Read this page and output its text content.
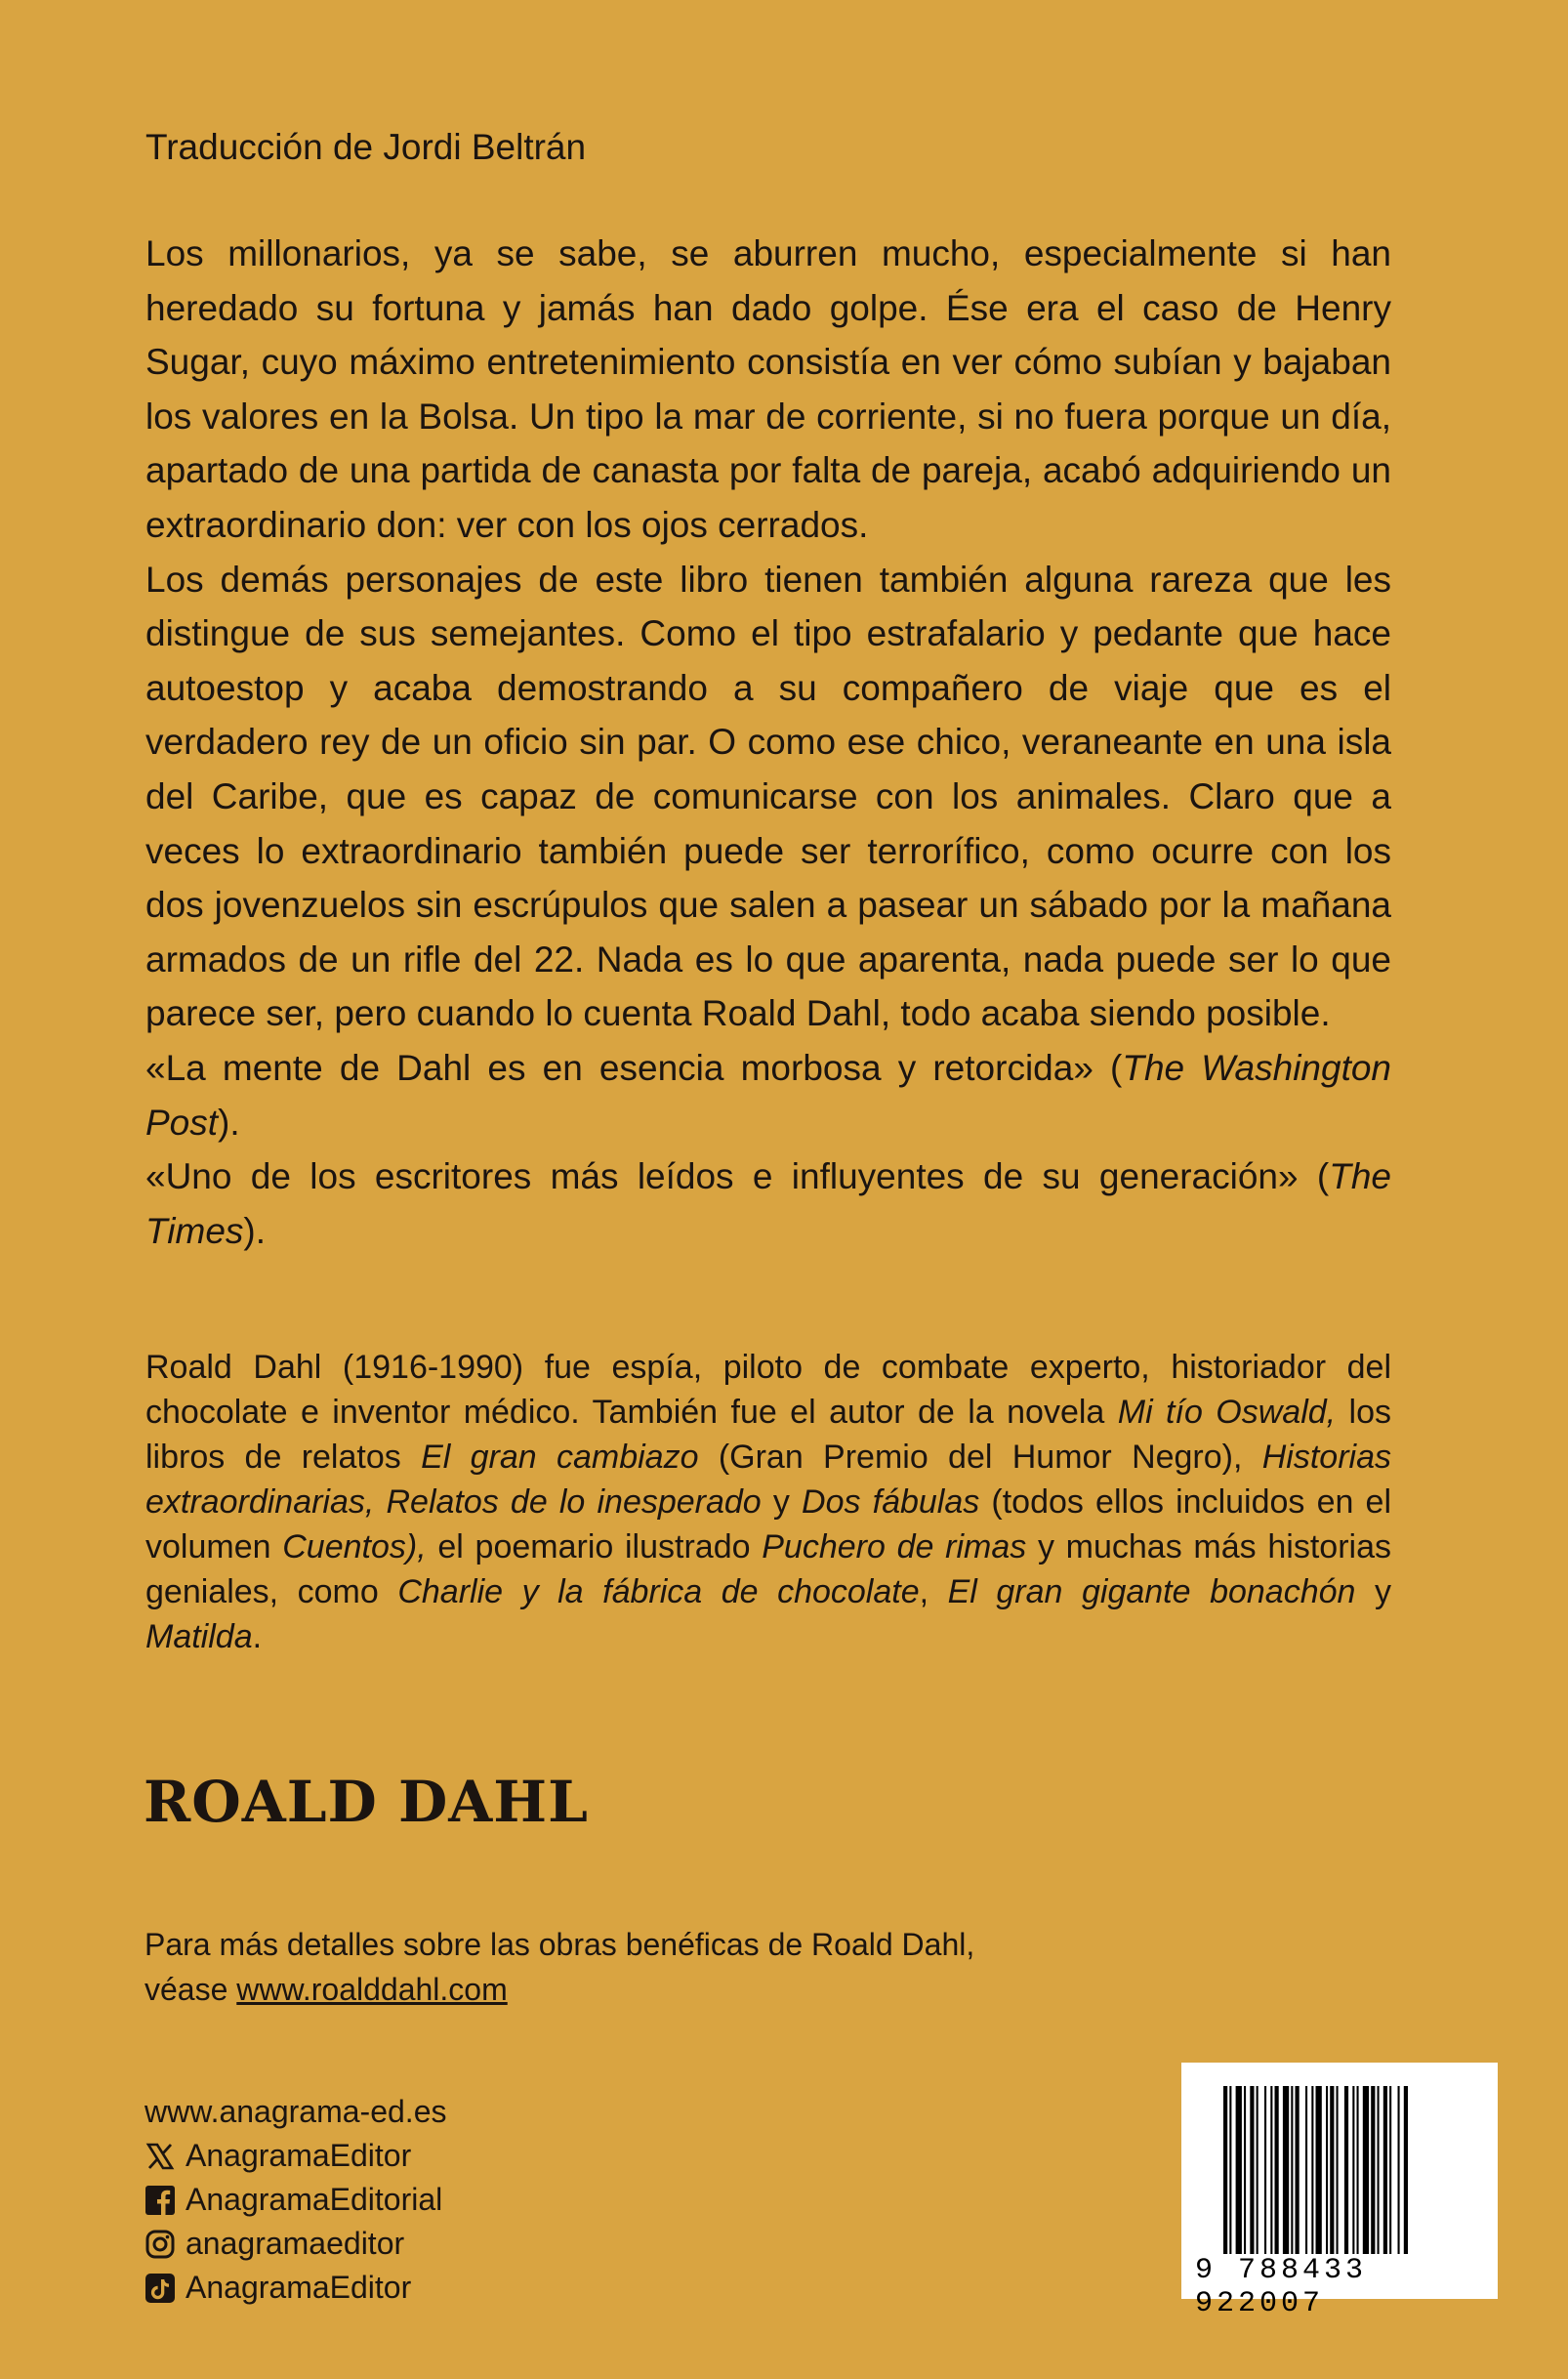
Traducción de Jordi Beltrán

Los millonarios, ya se sabe, se aburren mucho, especialmente si han heredado su fortuna y jamás han dado golpe. Ése era el caso de Henry Sugar, cuyo máximo entretenimiento consistía en ver cómo subían y bajaban los valores en la Bolsa. Un tipo la mar de corriente, si no fuera porque un día, apartado de una partida de canasta por falta de pareja, acabó adquiriendo un extraordinario don: ver con los ojos cerrados.

Los demás personajes de este libro tienen también alguna rareza que les distingue de sus semejantes. Como el tipo estrafalario y pedante que hace autoestop y acaba demostrando a su compañero de viaje que es el verdadero rey de un oficio sin par. O como ese chico, veraneante en una isla del Caribe, que es capaz de comunicarse con los animales. Claro que a veces lo extraordinario también puede ser terrorífico, como ocurre con los dos jovenzuelos sin escrúpulos que salen a pasear un sábado por la mañana armados de un rifle del 22. Nada es lo que aparenta, nada puede ser lo que parece ser, pero cuando lo cuenta Roald Dahl, todo acaba siendo posible.

«La mente de Dahl es en esencia morbosa y retorcida» (The Washington Post).

«Uno de los escritores más leídos e influyentes de su generación» (The Times).

Roald Dahl (1916-1990) fue espía, piloto de combate experto, historiador del chocolate e inventor médico. También fue el autor de la novela Mi tío Oswald, los libros de relatos El gran cambiazo (Gran Premio del Humor Negro), Historias extraordinarias, Relatos de lo inesperado y Dos fábulas (todos ellos incluidos en el volumen Cuentos), el poemario ilustrado Puchero de rimas y muchas más historias geniales, como Charlie y la fábrica de chocolate, El gran gigante bonachón y Matilda.

ROALD DAHL
Para más detalles sobre las obras benéficas de Roald Dahl,
véase www.roalddahl.com
www.anagrama-ed.es
AnagramaEditor
AnagramaEditorial
anagramaeditor
AnagramaEditor	9 788433 922007
